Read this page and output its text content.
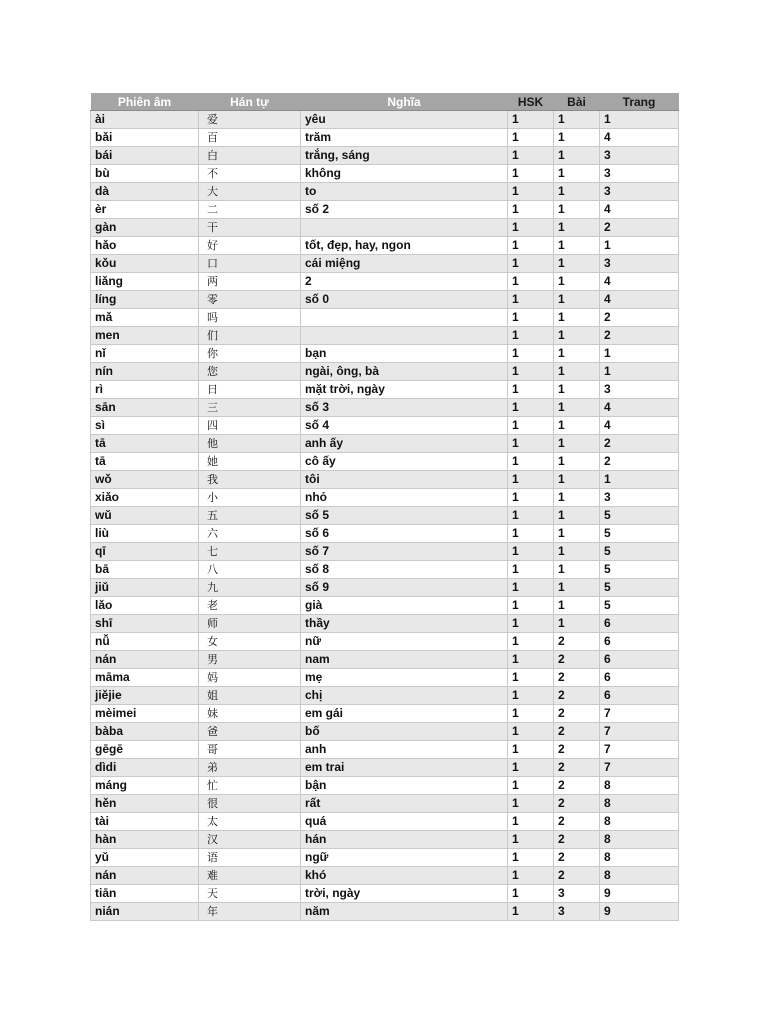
Phiên âm	Hán tự	Nghĩa	HSK	Bài	Trang
ài	爱	yêu	1	1	1
bǎi	百	trăm	1	1	4
bái	白	trắng, sáng	1	1	3
bù	不	không	1	1	3
dà	大	to	1	1	3
èr	二	số 2	1	1	4
gàn	干		1	1	2
hǎo	好	tốt, đẹp, hay, ngon	1	1	1
kǒu	口	cái miệng	1	1	3
liǎng	两	2	1	1	4
líng	零	số 0	1	1	4
mǎ	吗		1	1	2
men	们		1	1	2
nǐ	你	bạn	1	1	1
nín	您	ngài, ông, bà	1	1	1
rì	日	mặt trời, ngày	1	1	3
sān	三	số 3	1	1	4
sì	四	số 4	1	1	4
tā	他	anh ấy	1	1	2
tā	她	cô ấy	1	1	2
wǒ	我	tôi	1	1	1
xiǎo	小	nhỏ	1	1	3
wǔ	五	số 5	1	1	5
liù	六	số 6	1	1	5
qī	七	số 7	1	1	5
bā	八	số 8	1	1	5
jiǔ	九	số 9	1	1	5
lǎo	老	già	1	1	5
shī	师	thầy	1	1	6
nǚ	女	nữ	1	2	6
nán	男	nam	1	2	6
māma	妈	mẹ	1	2	6
jiějie	姐	chị	1	2	6
mèimei	妹	em gái	1	2	7
bàba	爸	bố	1	2	7
gēgē	哥	anh	1	2	7
dìdi	弟	em trai	1	2	7
máng	忙	bận	1	2	8
hěn	很	rất	1	2	8
tài	太	quá	1	2	8
hàn	汉	hán	1	2	8
yǔ	语	ngữ	1	2	8
nán	难	khó	1	2	8
tiān	天	trời, ngày	1	3	9
nián	年	năm	1	3	9
